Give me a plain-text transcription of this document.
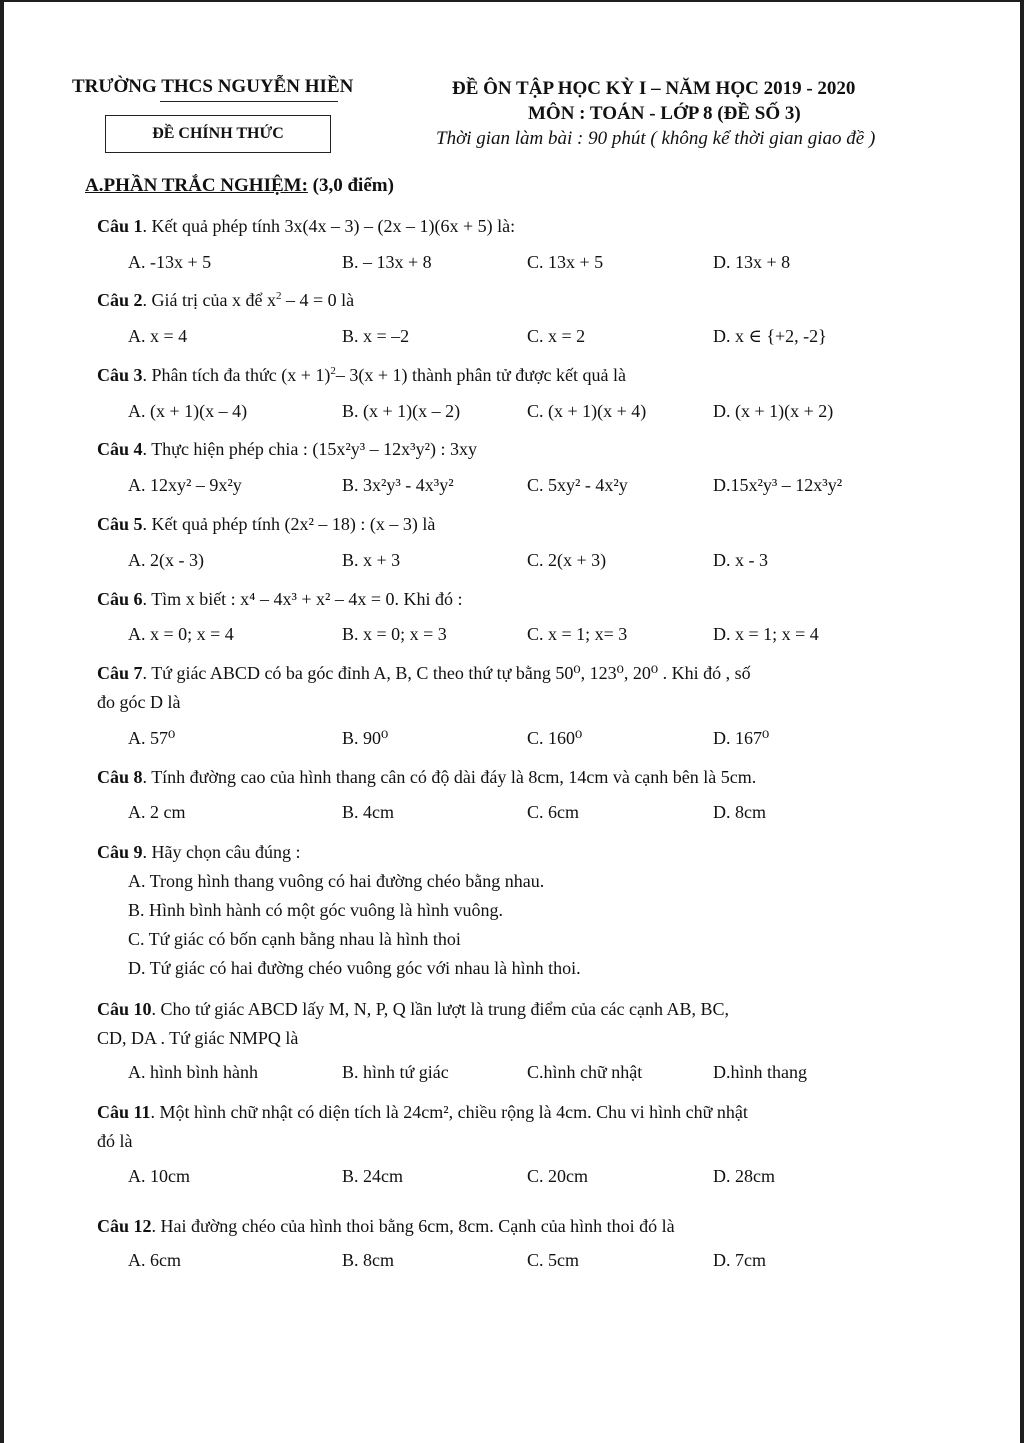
TRƯỜNG THCS NGUYỄN HIỀN	ĐỀ ÔN TẬP HỌC KỲ I – NĂM HỌC 2019 - 2020
MÔN : TOÁN - LỚP 8 (ĐỀ SỐ 3)
ĐỀ CHÍNH THỨC	Thời gian làm bài : 90 phút ( không kể thời gian giao đề )
A.PHẦN TRẮC NGHIỆM: (3,0 điểm)
Câu 1. Kết quả phép tính 3x(4x – 3) – (2x – 1)(6x + 5) là:
A. -13x + 5	B. – 13x + 8	C. 13x + 5	D. 13x + 8
Câu 2. Giá trị của x để $x^2 - 4 = 0$ là
A. x = 4	B. x = –2	C. x = 2	D. x ∈ {+2, -2}
Câu 3. Phân tích đa thức $(x + 1)^2-$ 3(x + 1) thành phân tử được kết quả là
A. (x + 1)(x – 4)	B. (x + 1)(x – 2)	C. (x + 1)(x + 4)	D. (x + 1)(x + 2)
Câu 4. Thực hiện phép chia : (15x²y³ – 12x³y²) : 3xy
A. 12xy² – 9x²y	B. 3x²y³ - 4x³y²	C. 5xy² - 4x²y	D.15x²y³ – 12x³y²
Câu 5. Kết quả phép tính (2x² – 18) : (x – 3) là
A. 2(x - 3)	B. x + 3	C. 2(x + 3)	D. x - 3
Câu 6. Tìm x biết : x⁴ – 4x³ + x² – 4x = 0. Khi đó :
A. x = 0; x = 4	B. x = 0; x = 3	C. x = 1; x= 3	D. x = 1; x = 4
Câu 7. Tứ giác ABCD có ba góc đỉnh A, B, C theo thứ tự bằng 50⁰, 123⁰, 20⁰ . Khi đó , số
đo góc D là
A. 57⁰	B. 90⁰	C. 160⁰	D. 167⁰
Câu 8. Tính đường cao của hình thang cân có độ dài đáy là 8cm, 14cm và cạnh bên là 5cm.
A. 2 cm	B. 4cm	C. 6cm	D. 8cm
Câu 9. Hãy chọn câu đúng :
A. Trong hình thang vuông có hai đường chéo bằng nhau.
B. Hình bình hành có một góc vuông là hình vuông.
C. Tứ giác có bốn cạnh bằng nhau là hình thoi
D. Tứ giác có hai đường chéo vuông góc với nhau là hình thoi.
Câu 10. Cho tứ giác ABCD lấy M, N, P, Q lần lượt là trung điểm của các cạnh AB, BC,
CD, DA . Tứ giác NMPQ là
A. hình bình hành	B. hình tứ giác	C.hình chữ nhật	D.hình thang
Câu 11. Một hình chữ nhật có diện tích là 24cm², chiều rộng là 4cm. Chu vi hình chữ nhật
đó là
A. 10cm	B. 24cm	C. 20cm	D. 28cm
Câu 12. Hai đường chéo của hình thoi bằng 6cm, 8cm. Cạnh của hình thoi đó là
A. 6cm	B. 8cm	C. 5cm	D. 7cm
